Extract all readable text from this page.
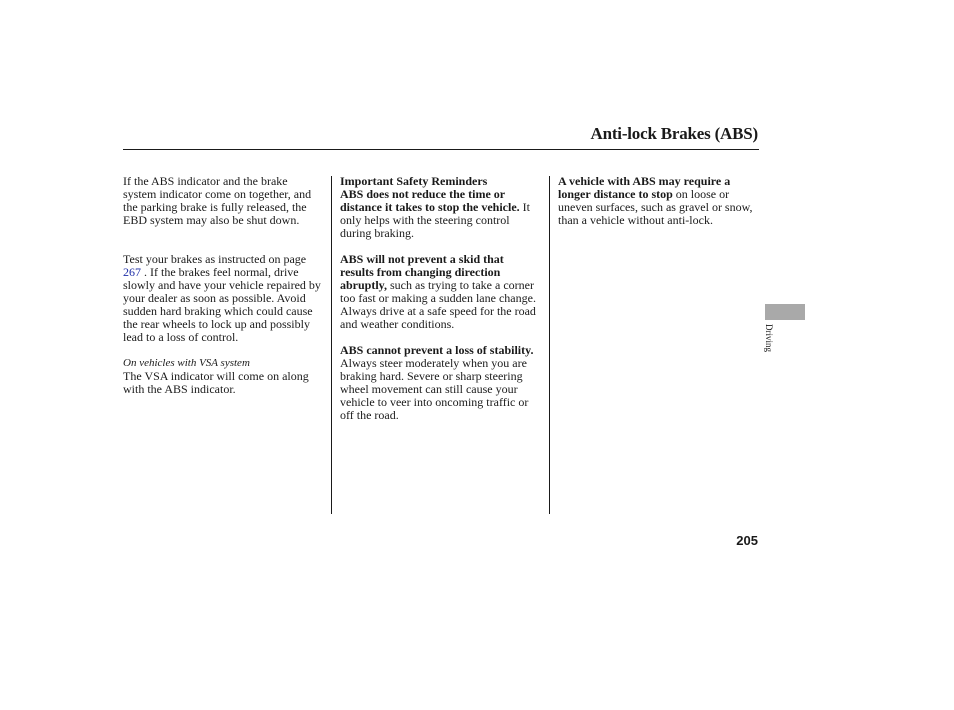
Anti-lock Brakes (ABS)

If the ABS indicator and the brake system indicator come on together, and the parking brake is fully released, the EBD system may also be shut down.

Test your brakes as instructed on page 267 . If the brakes feel normal, drive slowly and have your vehicle repaired by your dealer as soon as possible. Avoid sudden hard braking which could cause the rear wheels to lock up and possibly lead to a loss of control.

On vehicles with VSA system

The VSA indicator will come on along with the ABS indicator.

Important Safety Reminders

ABS does not reduce the time or distance it takes to stop the vehicle. It only helps with the steering control during braking.

ABS will not prevent a skid that results from changing direction abruptly, such as trying to take a corner too fast or making a sudden lane change. Always drive at a safe speed for the road and weather conditions.

ABS cannot prevent a loss of stability. Always steer moderately when you are braking hard. Severe or sharp steering wheel movement can still cause your vehicle to veer into oncoming traffic or off the road.

A vehicle with ABS may require a longer distance to stop on loose or uneven surfaces, such as gravel or snow, than a vehicle without anti-lock.

Driving
205
